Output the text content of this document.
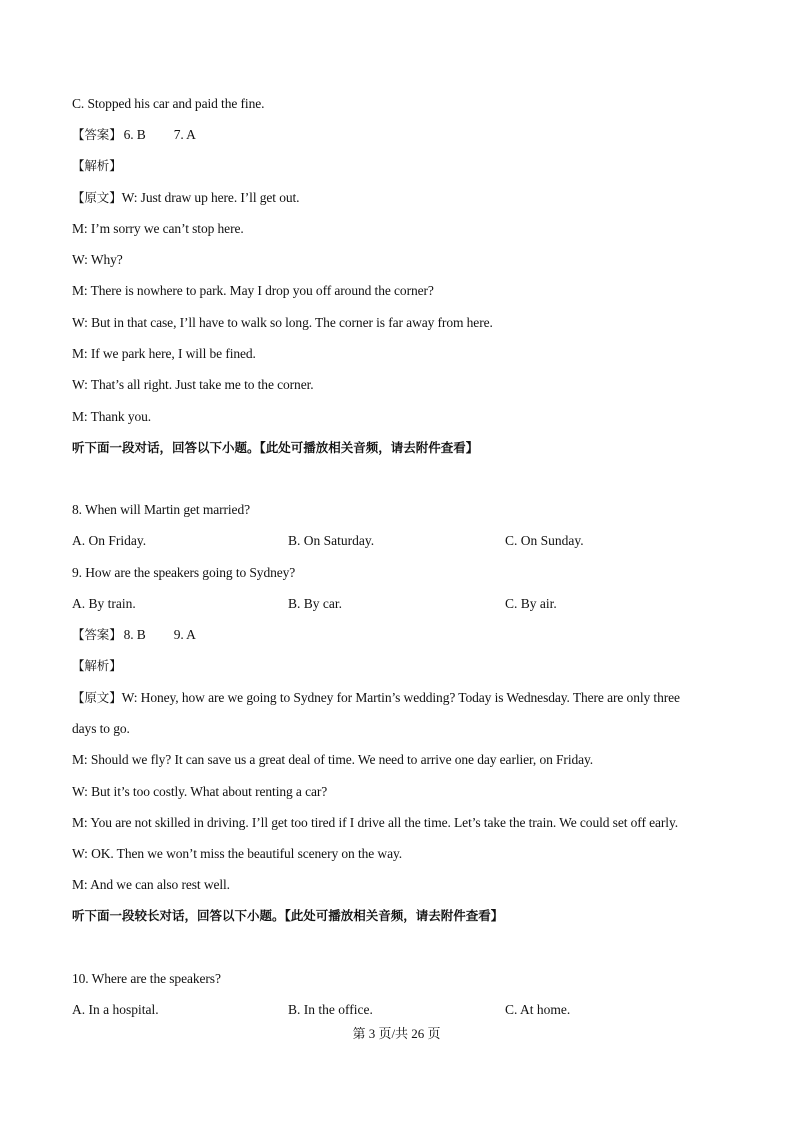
C. Stopped his car and paid the fine.
【答案】 6. B 7. A
【解析】
【原文】W: Just draw up here. I’ll get out.
M: I’m sorry we can’t stop here.
W: Why?
M: There is nowhere to park. May I drop you off around the corner?
W: But in that case, I’ll have to walk so long. The corner is far away from here.
M: If we park here, I will be fined.
W: That’s all right. Just take me to the corner.
M: Thank you.
听下面一段对话，回答以下小题。【此处可播放相关音频，请去附件查看】
8. When will Martin get married?
A. On Friday.	B. On Saturday.	C. On Sunday.
9. How are the speakers going to Sydney?
A. By train.	B. By car.	C. By air.
【答案】 8. B 9. A
【解析】
【原文】W: Honey, how are we going to Sydney for Martin’s wedding? Today is Wednesday. There are only three
days to go.
M: Should we fly? It can save us a great deal of time. We need to arrive one day earlier, on Friday.
W: But it’s too costly. What about renting a car?
M: You are not skilled in driving. I’ll get too tired if I drive all the time. Let’s take the train. We could set off early.
W: OK. Then we won’t miss the beautiful scenery on the way.
M: And we can also rest well.
听下面一段较长对话，回答以下小题。【此处可播放相关音频，请去附件查看】
10. Where are the speakers?
A. In a hospital.	B. In the office.	C. At home.
第 3 页/共 26 页
